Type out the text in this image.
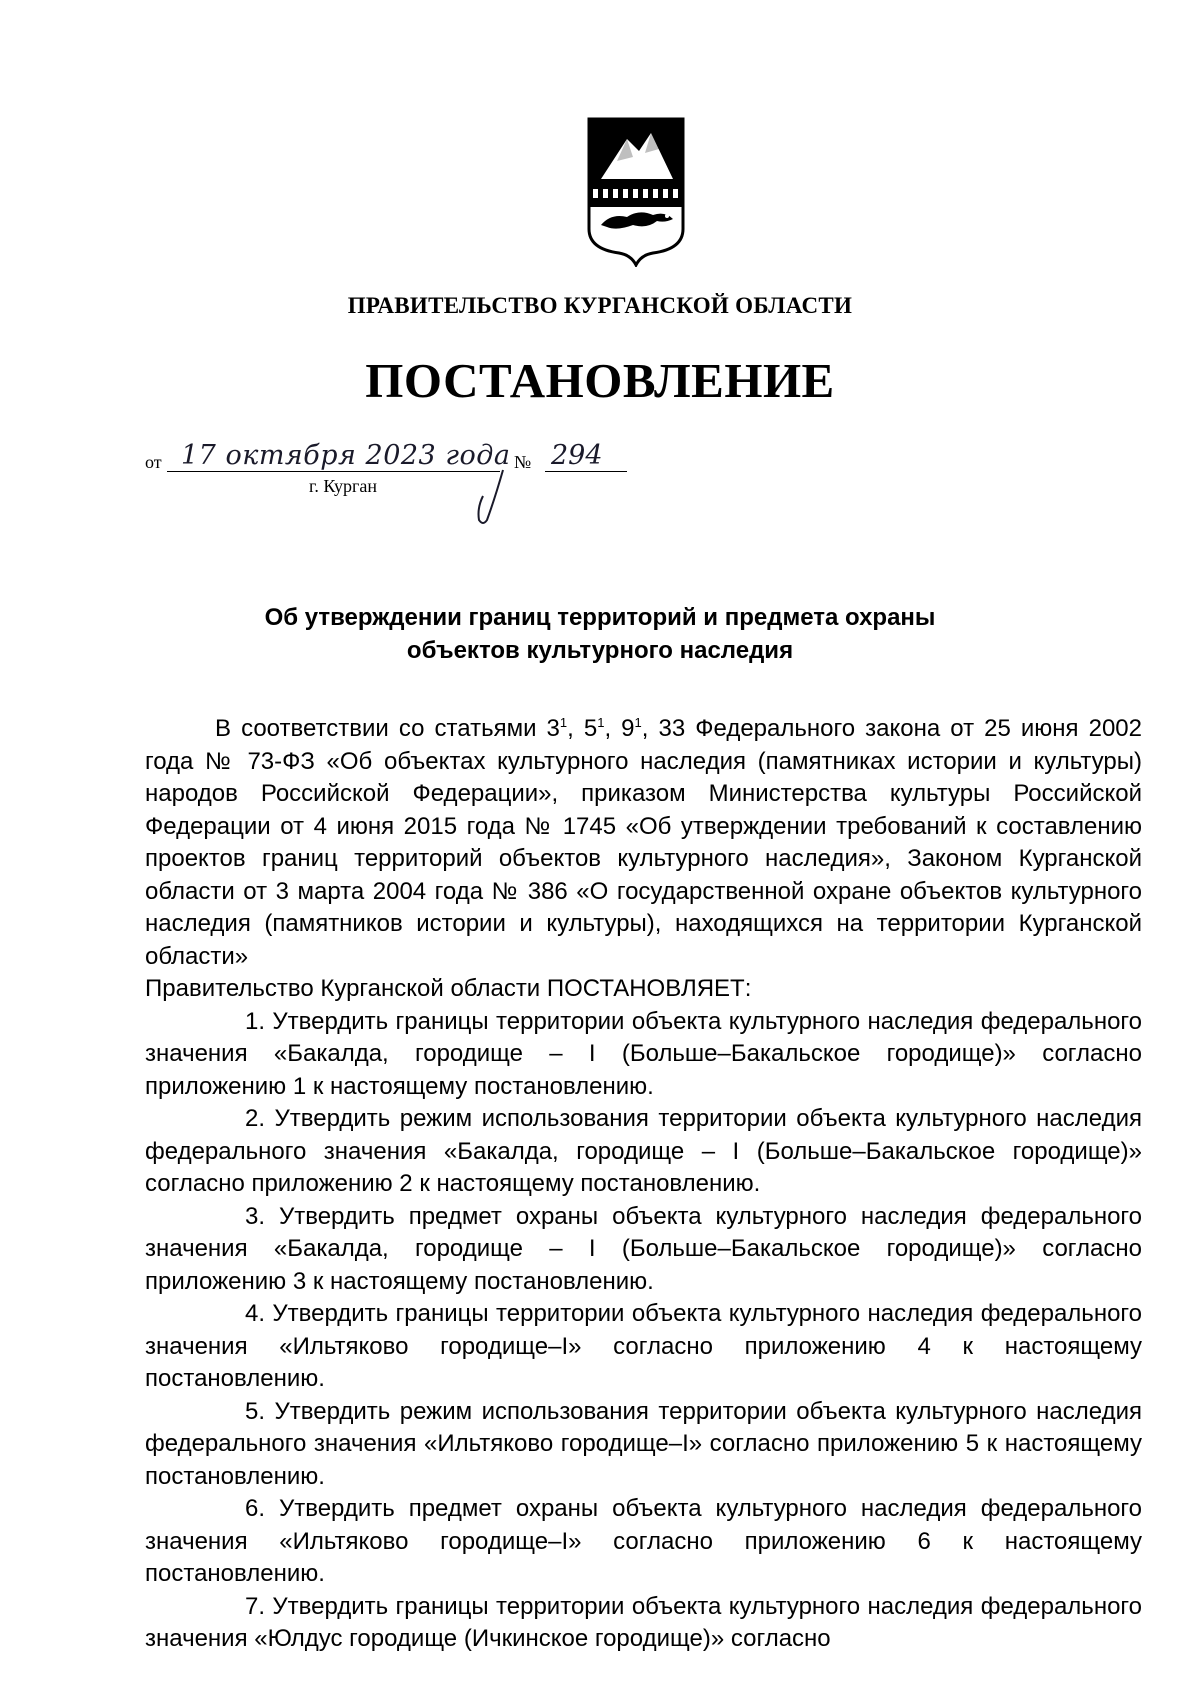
ПРАВИТЕЛЬСТВО КУРГАНСКОЙ ОБЛАСТИ
ПОСТАНОВЛЕНИЕ
от 17 октября 2023 года № 294
г. Курган
Об утверждении границ территорий и предмета охраны
объектов культурного наследия

В соответствии со статьями $3^1$, $5^1$, $9^1$, 33 Федерального закона от 25 июня 2002 года № 73-ФЗ «Об объектах культурного наследия (памятниках истории и культуры) народов Российской Федерации», приказом Министерства культуры Российской Федерации от 4 июня 2015 года № 1745 «Об утверждении требований к составлению проектов границ территорий объектов культурного наследия», Законом Курганской области от 3 марта 2004 года № 386 «О государственной охране объектов культурного наследия (памятников истории и культуры), находящихся на территории Курганской области»

Правительство Курганской области ПОСТАНОВЛЯЕТ:

1. Утвердить границы территории объекта культурного наследия федерального значения «Бакалда, городище – I (Больше–Бакальское городище)» согласно приложению 1 к настоящему постановлению.

2. Утвердить режим использования территории объекта культурного наследия федерального значения «Бакалда, городище – I (Больше–Бакальское городище)» согласно приложению 2 к настоящему постановлению.

3. Утвердить предмет охраны объекта культурного наследия федерального значения «Бакалда, городище – I (Больше–Бакальское городище)» согласно приложению 3 к настоящему постановлению.

4. Утвердить границы территории объекта культурного наследия федерального значения «Ильтяково городище–I» согласно приложению 4 к настоящему постановлению.

5. Утвердить режим использования территории объекта культурного наследия федерального значения «Ильтяково городище–I» согласно приложению 5 к настоящему постановлению.

6. Утвердить предмет охраны объекта культурного наследия федерального значения «Ильтяково городище–I» согласно приложению 6 к настоящему постановлению.

7. Утвердить границы территории объекта культурного наследия федерального значения «Юлдус городище (Ичкинское городище)» согласно
